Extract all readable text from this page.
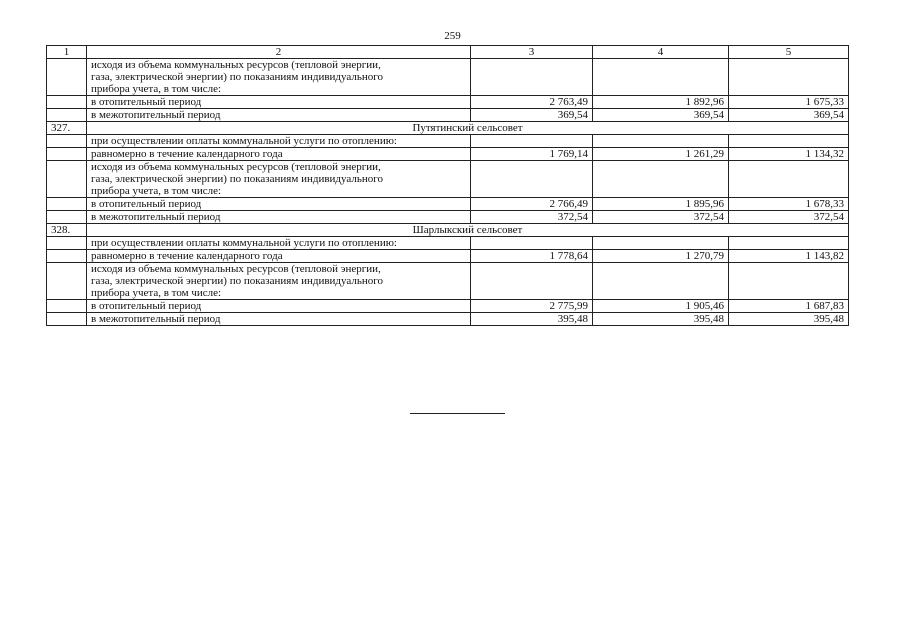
259
1	2	3	4	5

	исходя из объема коммунальных ресурсов (тепловой энергии,
газа, электрической энергии) по показаниям индивидуального
прибора учета, в том числе:			

	в отопительный период	2 763,49	1 892,96	1 675,33
	в межотопительный период	369,54	369,54	369,54
327.	Путятинский сельсовет			
	при осуществлении оплаты коммунальной услуги по отоплению:			
	равномерно в течение календарного года	1 769,14	1 261,29	1 134,32

	исходя из объема коммунальных ресурсов (тепловой энергии,
газа, электрической энергии) по показаниям индивидуального
прибора учета, в том числе:			

	в отопительный период	2 766,49	1 895,96	1 678,33
	в межотопительный период	372,54	372,54	372,54
328.	Шарлыкский сельсовет			
	при осуществлении оплаты коммунальной услуги по отоплению:			
	равномерно в течение календарного года	1 778,64	1 270,79	1 143,82

	исходя из объема коммунальных ресурсов (тепловой энергии,
газа, электрической энергии) по показаниям индивидуального
прибора учета, в том числе:			

	в отопительный период	2 775,99	1 905,46	1 687,83
	в межотопительный период	395,48	395,48	395,48
